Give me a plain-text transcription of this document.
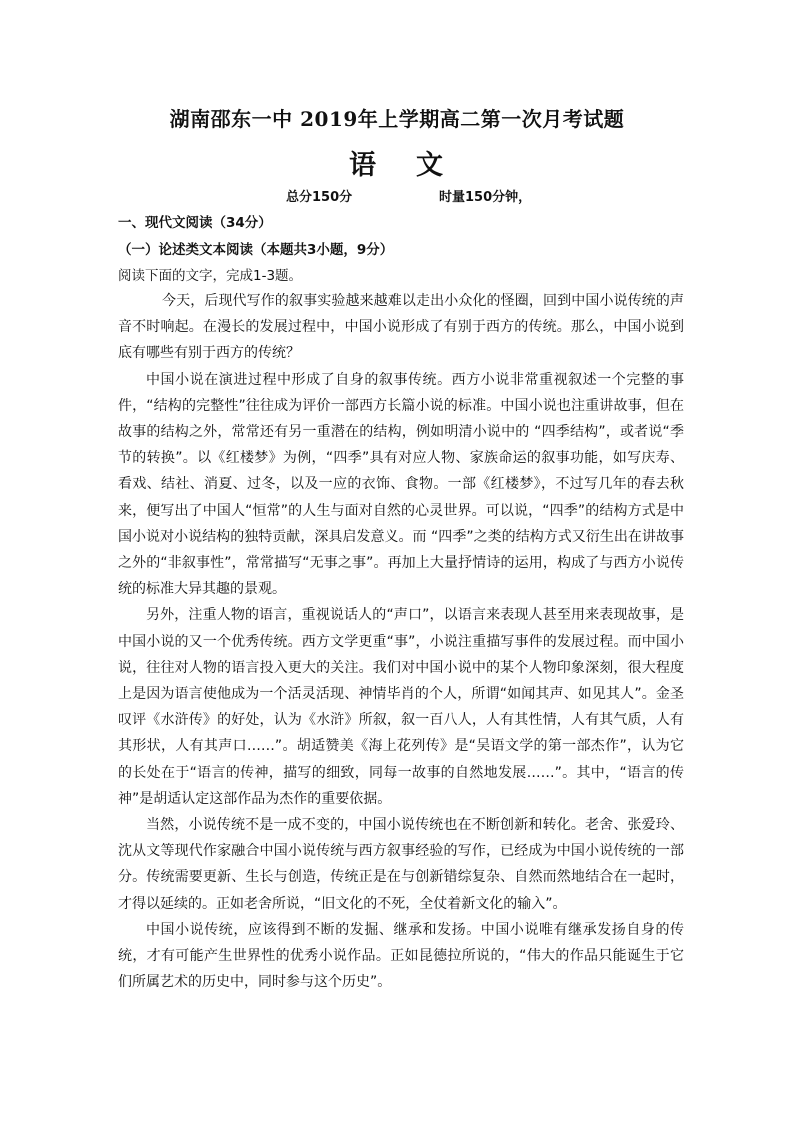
湖南邵东一中 2019年上学期高二第一次月考试题
语 文
总分150分	时量150分钟，
一、现代文阅读（34分）
（一）论述类文本阅读（本题共3小题，9分）
阅读下面的文字，完成1-3题。

今天，后现代写作的叙事实验越来越难以走出小众化的怪圈，回到中国小说传统的声音不时响起。在漫长的发展过程中，中国小说形成了有别于西方的传统。那么，中国小说到底有哪些有别于西方的传统？

中国小说在演进过程中形成了自身的叙事传统。西方小说非常重视叙述一个完整的事件，“结构的完整性”往往成为评价一部西方长篇小说的标准。中国小说也注重讲故事，但在故事的结构之外，常常还有另一重潜在的结构，例如明清小说中的 “四季结构”，或者说“季节的转换”。以《红楼梦》为例，“四季”具有对应人物、家族命运的叙事功能，如写庆寿、看戏、结社、消夏、过冬，以及一应的衣饰、食物。一部《红楼梦》，不过写几年的春去秋来，便写出了中国人“恒常”的人生与面对自然的心灵世界。可以说，“四季”的结构方式是中国小说对小说结构的独特贡献，深具启发意义。而 “四季”之类的结构方式又衍生出在讲故事之外的“非叙事性”，常常描写“无事之事”。再加上大量抒情诗的运用，构成了与西方小说传统的标准大异其趣的景观。

另外，注重人物的语言，重视说话人的“声口”，以语言来表现人甚至用来表现故事，是中国小说的又一个优秀传统。西方文学更重“事”，小说注重描写事件的发展过程。而中国小说，往往对人物的语言投入更大的关注。我们对中国小说中的某个人物印象深刻，很大程度上是因为语言使他成为一个活灵活现、神情毕肖的个人，所谓“如闻其声、如见其人”。金圣叹评《水浒传》的好处，认为《水浒》所叙，叙一百八人，人有其性情，人有其气质，人有其形状，人有其声口……”。胡适赞美《海上花列传》是“吴语文学的第一部杰作”，认为它的长处在于“语言的传神，描写的细致，同每一故事的自然地发展……”。其中，“语言的传神”是胡适认定这部作品为杰作的重要依据。

当然，小说传统不是一成不变的，中国小说传统也在不断创新和转化。老舍、张爱玲、沈从文等现代作家融合中国小说传统与西方叙事经验的写作，已经成为中国小说传统的一部分。传统需要更新、生长与创造，传统正是在与创新错综复杂、自然而然地结合在一起时，才得以延续的。正如老舍所说，“旧文化的不死，全仗着新文化的输入”。

中国小说传统，应该得到不断的发掘、继承和发扬。中国小说唯有继承发扬自身的传统，才有可能产生世界性的优秀小说作品。正如昆德拉所说的，“伟大的作品只能诞生于它们所属艺术的历史中，同时参与这个历史”。
